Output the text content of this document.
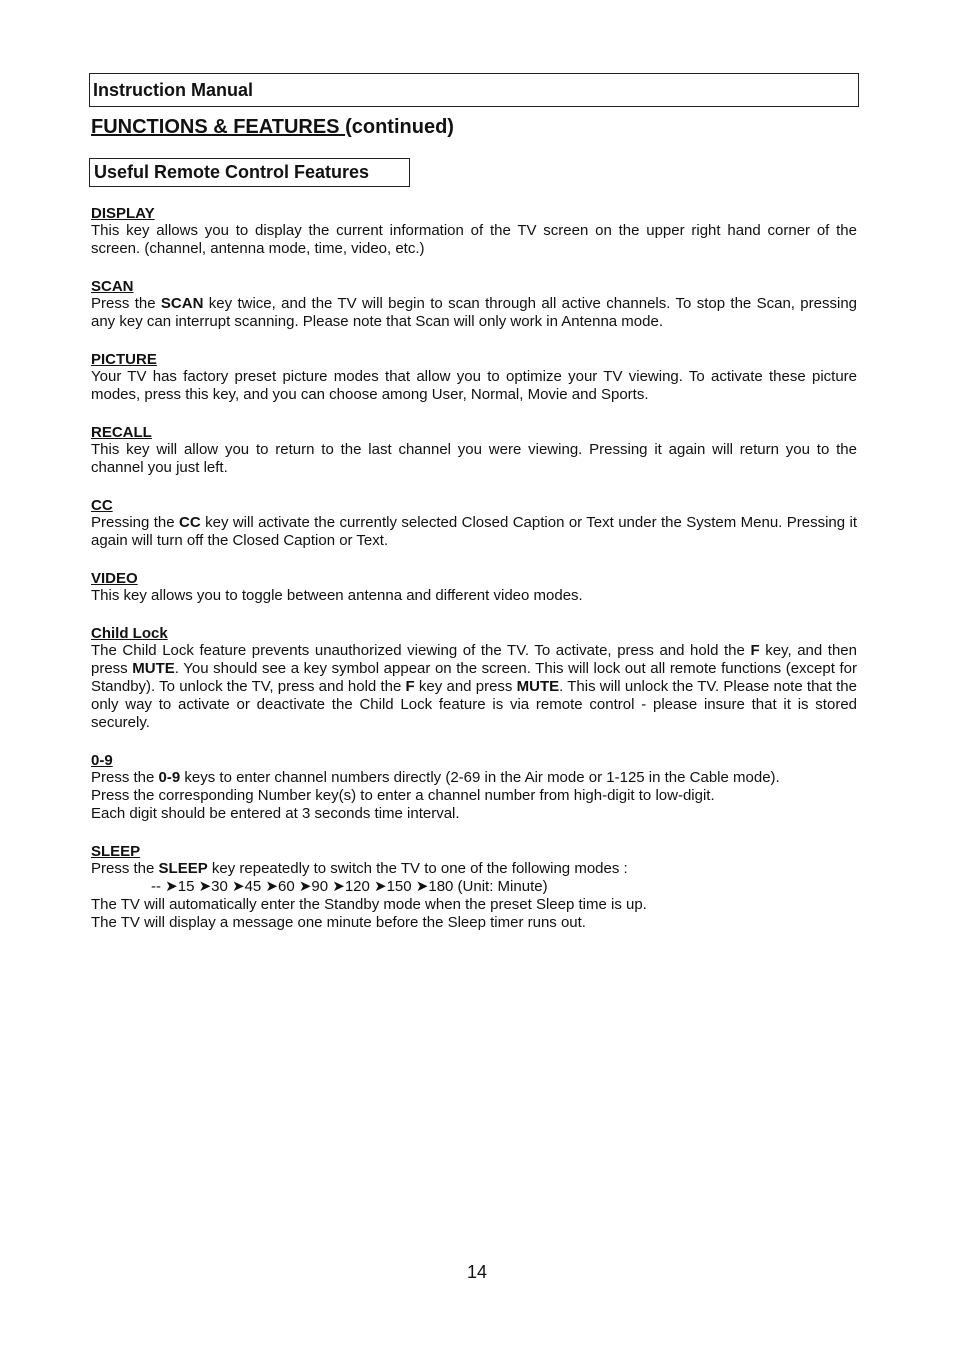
Instruction Manual
FUNCTIONS & FEATURES (continued)
Useful Remote Control Features
DISPLAY

This key allows you to display the current information of the TV screen on the upper right hand corner of the screen. (channel, antenna mode, time, video, etc.)

SCAN

Press the SCAN key twice, and the TV will begin to scan through all active channels. To stop the Scan, pressing any key can interrupt scanning. Please note that Scan will only work in Antenna mode.

PICTURE

Your TV has factory preset picture modes that allow you to optimize your TV viewing. To activate these picture modes, press this key, and you can choose among User, Normal, Movie and Sports.

RECALL

This key will allow you to return to the last channel you were viewing. Pressing it again will return you to the channel you just left.

CC

Pressing the CC key will activate the currently selected Closed Caption or Text under the System Menu. Pressing it again will turn off the Closed Caption or Text.

VIDEO

This key allows you to toggle between antenna and different video modes.

Child Lock

The Child Lock feature prevents unauthorized viewing of the TV. To activate, press and hold the F key, and then press MUTE. You should see a key symbol appear on the screen. This will lock out all remote functions (except for Standby). To unlock the TV, press and hold the F key and press MUTE. This will unlock the TV. Please note that the only way to activate or deactivate the Child Lock feature is via remote control - please insure that it is stored securely.

0-9

Press the 0-9 keys to enter channel numbers directly (2-69 in the Air mode or 1-125 in the Cable mode).

Press the corresponding Number key(s) to enter a channel number from high-digit to low-digit.

Each digit should be entered at 3 seconds time interval.

SLEEP

Press the SLEEP key repeatedly to switch the TV to one of the following modes :

-- ➤15 ➤30 ➤45 ➤60 ➤90 ➤120 ➤150 ➤180 (Unit: Minute)

The TV will automatically enter the Standby mode when the preset Sleep time is up.

The TV will display a message one minute before the Sleep timer runs out.

14
